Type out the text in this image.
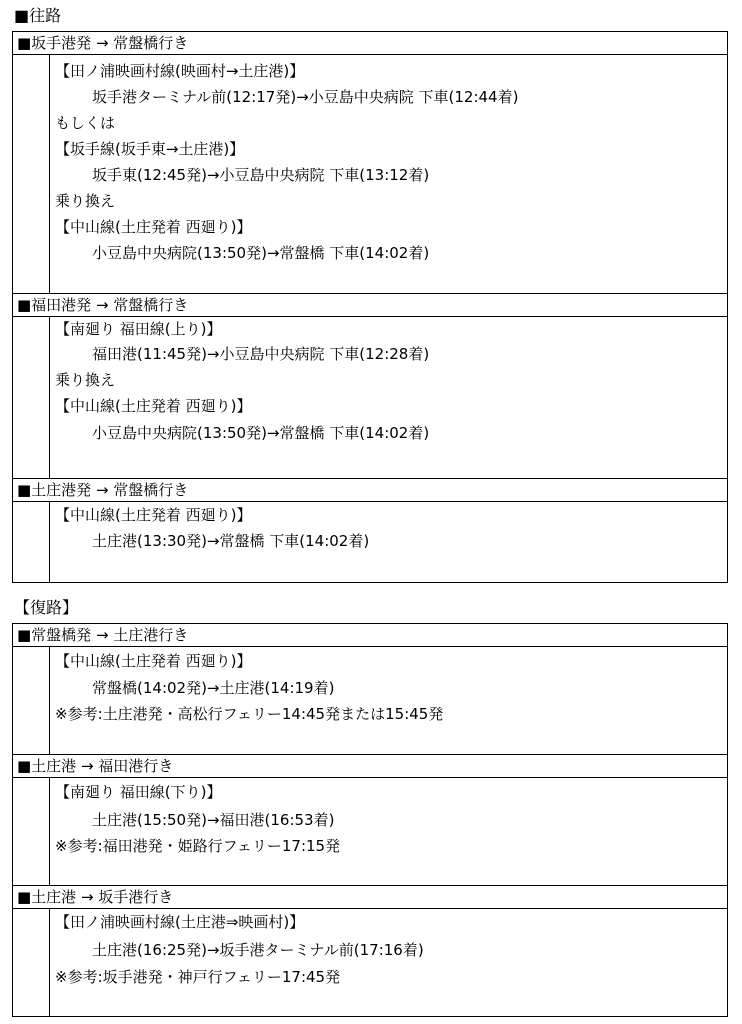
■往路
■坂手港発 → 常盤橋行き
【田ノ浦映画村線(映画村→土庄港)】
坂手港ターミナル前(12:17発)→小豆島中央病院 下車(12:44着)
もしくは
【坂手線(坂手東→土庄港)】
坂手東(12:45発)→小豆島中央病院 下車(13:12着)
乗り換え
【中山線(土庄発着 西廻り)】
小豆島中央病院(13:50発)→常盤橋 下車(14:02着)
■福田港発 → 常盤橋行き
【南廻り 福田線(上り)】
福田港(11:45発)→小豆島中央病院 下車(12:28着)
乗り換え
【中山線(土庄発着 西廻り)】
小豆島中央病院(13:50発)→常盤橋 下車(14:02着)
■土庄港発 → 常盤橋行き
【中山線(土庄発着 西廻り)】
土庄港(13:30発)→常盤橋 下車(14:02着)
【復路】
■常盤橋発 → 土庄港行き
【中山線(土庄発着 西廻り)】
常盤橋(14:02発)→土庄港(14:19着)
※参考:土庄港発・高松行フェリー14:45発または15:45発
■土庄港 → 福田港行き
【南廻り 福田線(下り)】
土庄港(15:50発)→福田港(16:53着)
※参考:福田港発・姫路行フェリー17:15発
■土庄港 → 坂手港行き
【田ノ浦映画村線(土庄港⇒映画村)】
土庄港(16:25発)→坂手港ターミナル前(17:16着)
※参考:坂手港発・神戸行フェリー17:45発
